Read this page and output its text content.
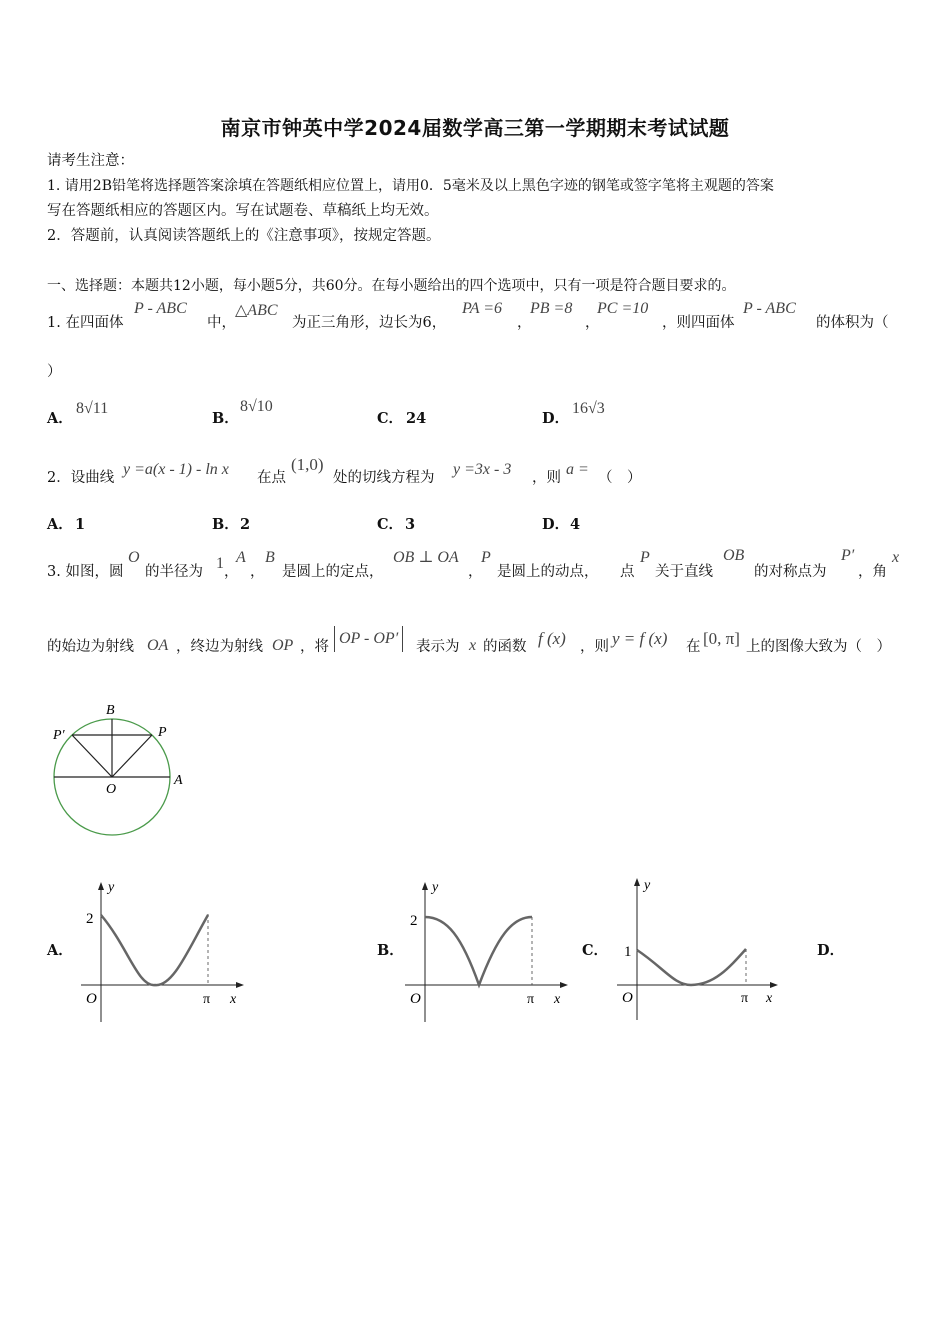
南京市钟英中学2024届数学高三第一学期期末考试试题
请考生注意：
1. 请用2B铅笔将选择题答案涂填在答题纸相应位置上，请用0．5毫米及以上黑色字迹的钢笔或签字笔将主观题的答案
写在答题纸相应的答题区内。写在试题卷、草稿纸上均无效。
2．答题前，认真阅读答题纸上的《注意事项》，按规定答题。
一、选择题：本题共12小题，每小题5分，共60分。在每小题给出的四个选项中，只有一项是符合题目要求的。
1. 在四面体
P - ABC
中，
△ABC
为正三角形，边长为6，
PA =6
，
PB =8
，
PC =10
，则四面体
P - ABC
的体积为（
）
A．
8√11
B．
8√10
C． 24	D．
16√3
2．设曲线 y =a(x - 1) - ln x 在点
(1,0)
处的切线方程为 y =3x - 3 ，则 a = （　）
A． 1	B． 2	C． 3	D． 4
3. 如图，圆
O
的半径为 1 ，
A
，
B
是圆上的定点，
OB ⊥ OA
，
P
是圆上的动点， 点
P
关于直线
OB
的对称点为
P′
，角
x
的始边为射线 OA ，终边为射线 OP ，将 OP - OP′	表示为 x 的函数 f (x) ，则 y = f (x) 在 [0, π] 上的图像大致为（　）
B
P′	P
O
A
A．
2
π
O	x
y
B．
2
π
O	x
y
C． 1
π
O	x
y
D．
